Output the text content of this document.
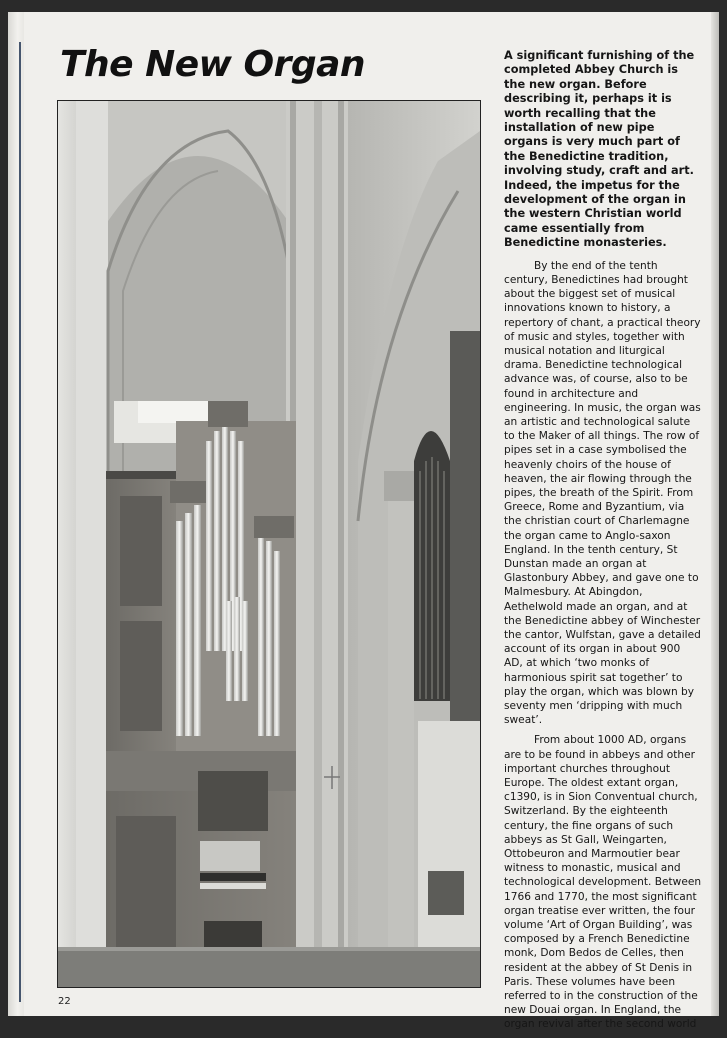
The New Organ	A significant furnishing of the completed Abbey Church is the new organ. Before describing it, perhaps it is worth recalling that the installation of new pipe organs is very much part of the Benedictine tradition, involving study, craft and art. Indeed, the impetus for the development of the organ in the western Christian world came essentially from Benedictine monasteries.

By the end of the tenth century, Benedictines had brought about the biggest set of musical innovations known to history, a repertory of chant, a practical theory of music and styles, together with musical notation and liturgical drama. Benedictine technological advance was, of course, also to be found in architecture and engineering. In music, the organ was an artistic and technological salute to the Maker of all things. The row of pipes set in a case symbolised the heavenly choirs of the house of heaven, the air flowing through the pipes, the breath of the Spirit. From Greece, Rome and Byzantium, via the christian court of Charlemagne the organ came to Anglo-saxon England. In the tenth century, St Dunstan made an organ at Glastonbury Abbey, and gave one to Malmesbury. At Abingdon, Aethelwold made an organ, and at the Benedictine abbey of Winchester the cantor, Wulfstan, gave a detailed account of its organ in about 900 AD, at which ‘two monks of harmonious spirit sat together’ to play the organ, which was blown by seventy men ‘dripping with much sweat’.

From about 1000 AD, organs are to be found in abbeys and other important churches throughout Europe. The oldest extant organ, c1390, is in Sion Conventual church, Switzerland. By the eighteenth century, the fine organs of such abbeys as St Gall, Weingarten, Ottobeuron and Marmoutier bear witness to monastic, musical and technological development. Between 1766 and 1770, the most significant organ treatise ever written, the four volume ‘Art of Organ Building’, was composed by a French Benedictine monk, Dom Bedos de Celles, then resident at the abbey of St Denis in Paris. These volumes have been referred to in the construction of the new Douai organ. In England, the organ revival after the second world

22
